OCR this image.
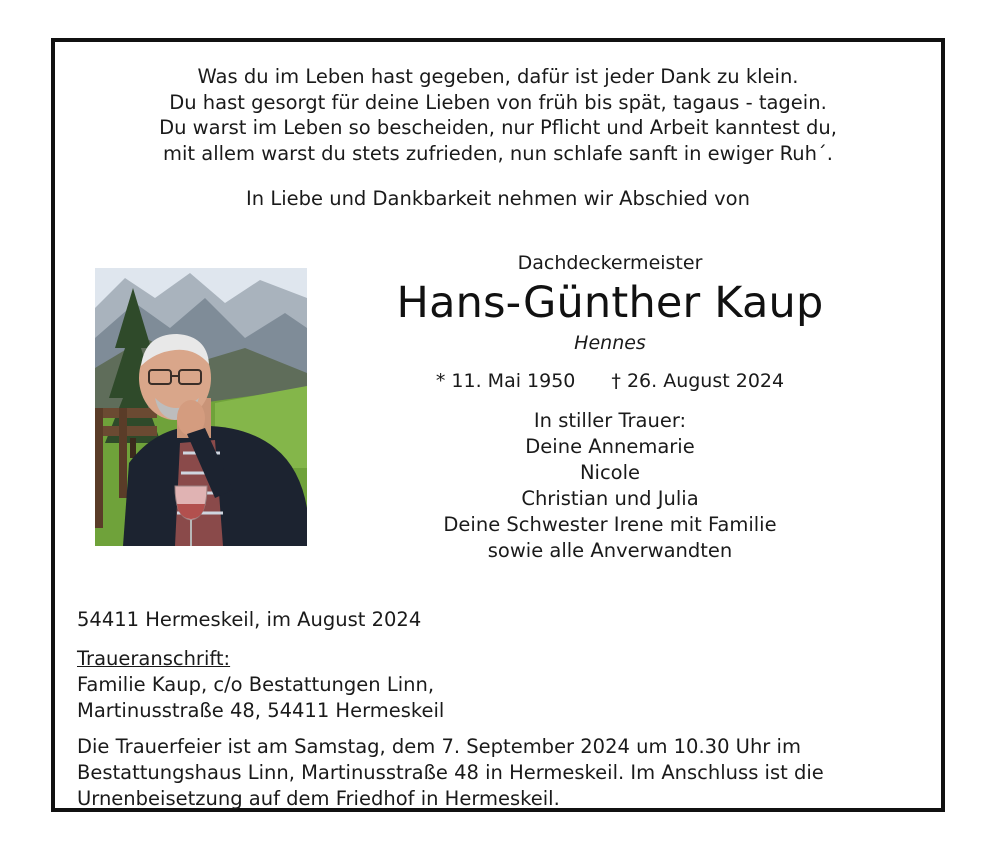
Was du im Leben hast gegeben, dafür ist jeder Dank zu klein.
Du hast gesorgt für deine Lieben von früh bis spät, tagaus - tagein.
Du warst im Leben so bescheiden, nur Pflicht und Arbeit kanntest du,
mit allem warst du stets zufrieden, nun schlafe sanft in ewiger Ruh´.
In Liebe und Dankbarkeit nehmen wir Abschied von
Dachdeckermeister
Hans-Günther Kaup
Hennes
* 11. Mai 1950 † 26. August 2024
In stiller Trauer:
Deine Annemarie
Nicole
Christian und Julia
Deine Schwester Irene mit Familie
sowie alle Anverwandten
54411 Hermeskeil, im August 2024
Traueranschrift:
Familie Kaup, c/o Bestattungen Linn,
Martinusstraße 48, 54411 Hermeskeil
Die Trauerfeier ist am Samstag, dem 7. September 2024 um 10.30 Uhr im Bestattungshaus Linn, Martinusstraße 48 in Hermeskeil. Im Anschluss ist die Urnenbeisetzung auf dem Friedhof in Hermeskeil.
